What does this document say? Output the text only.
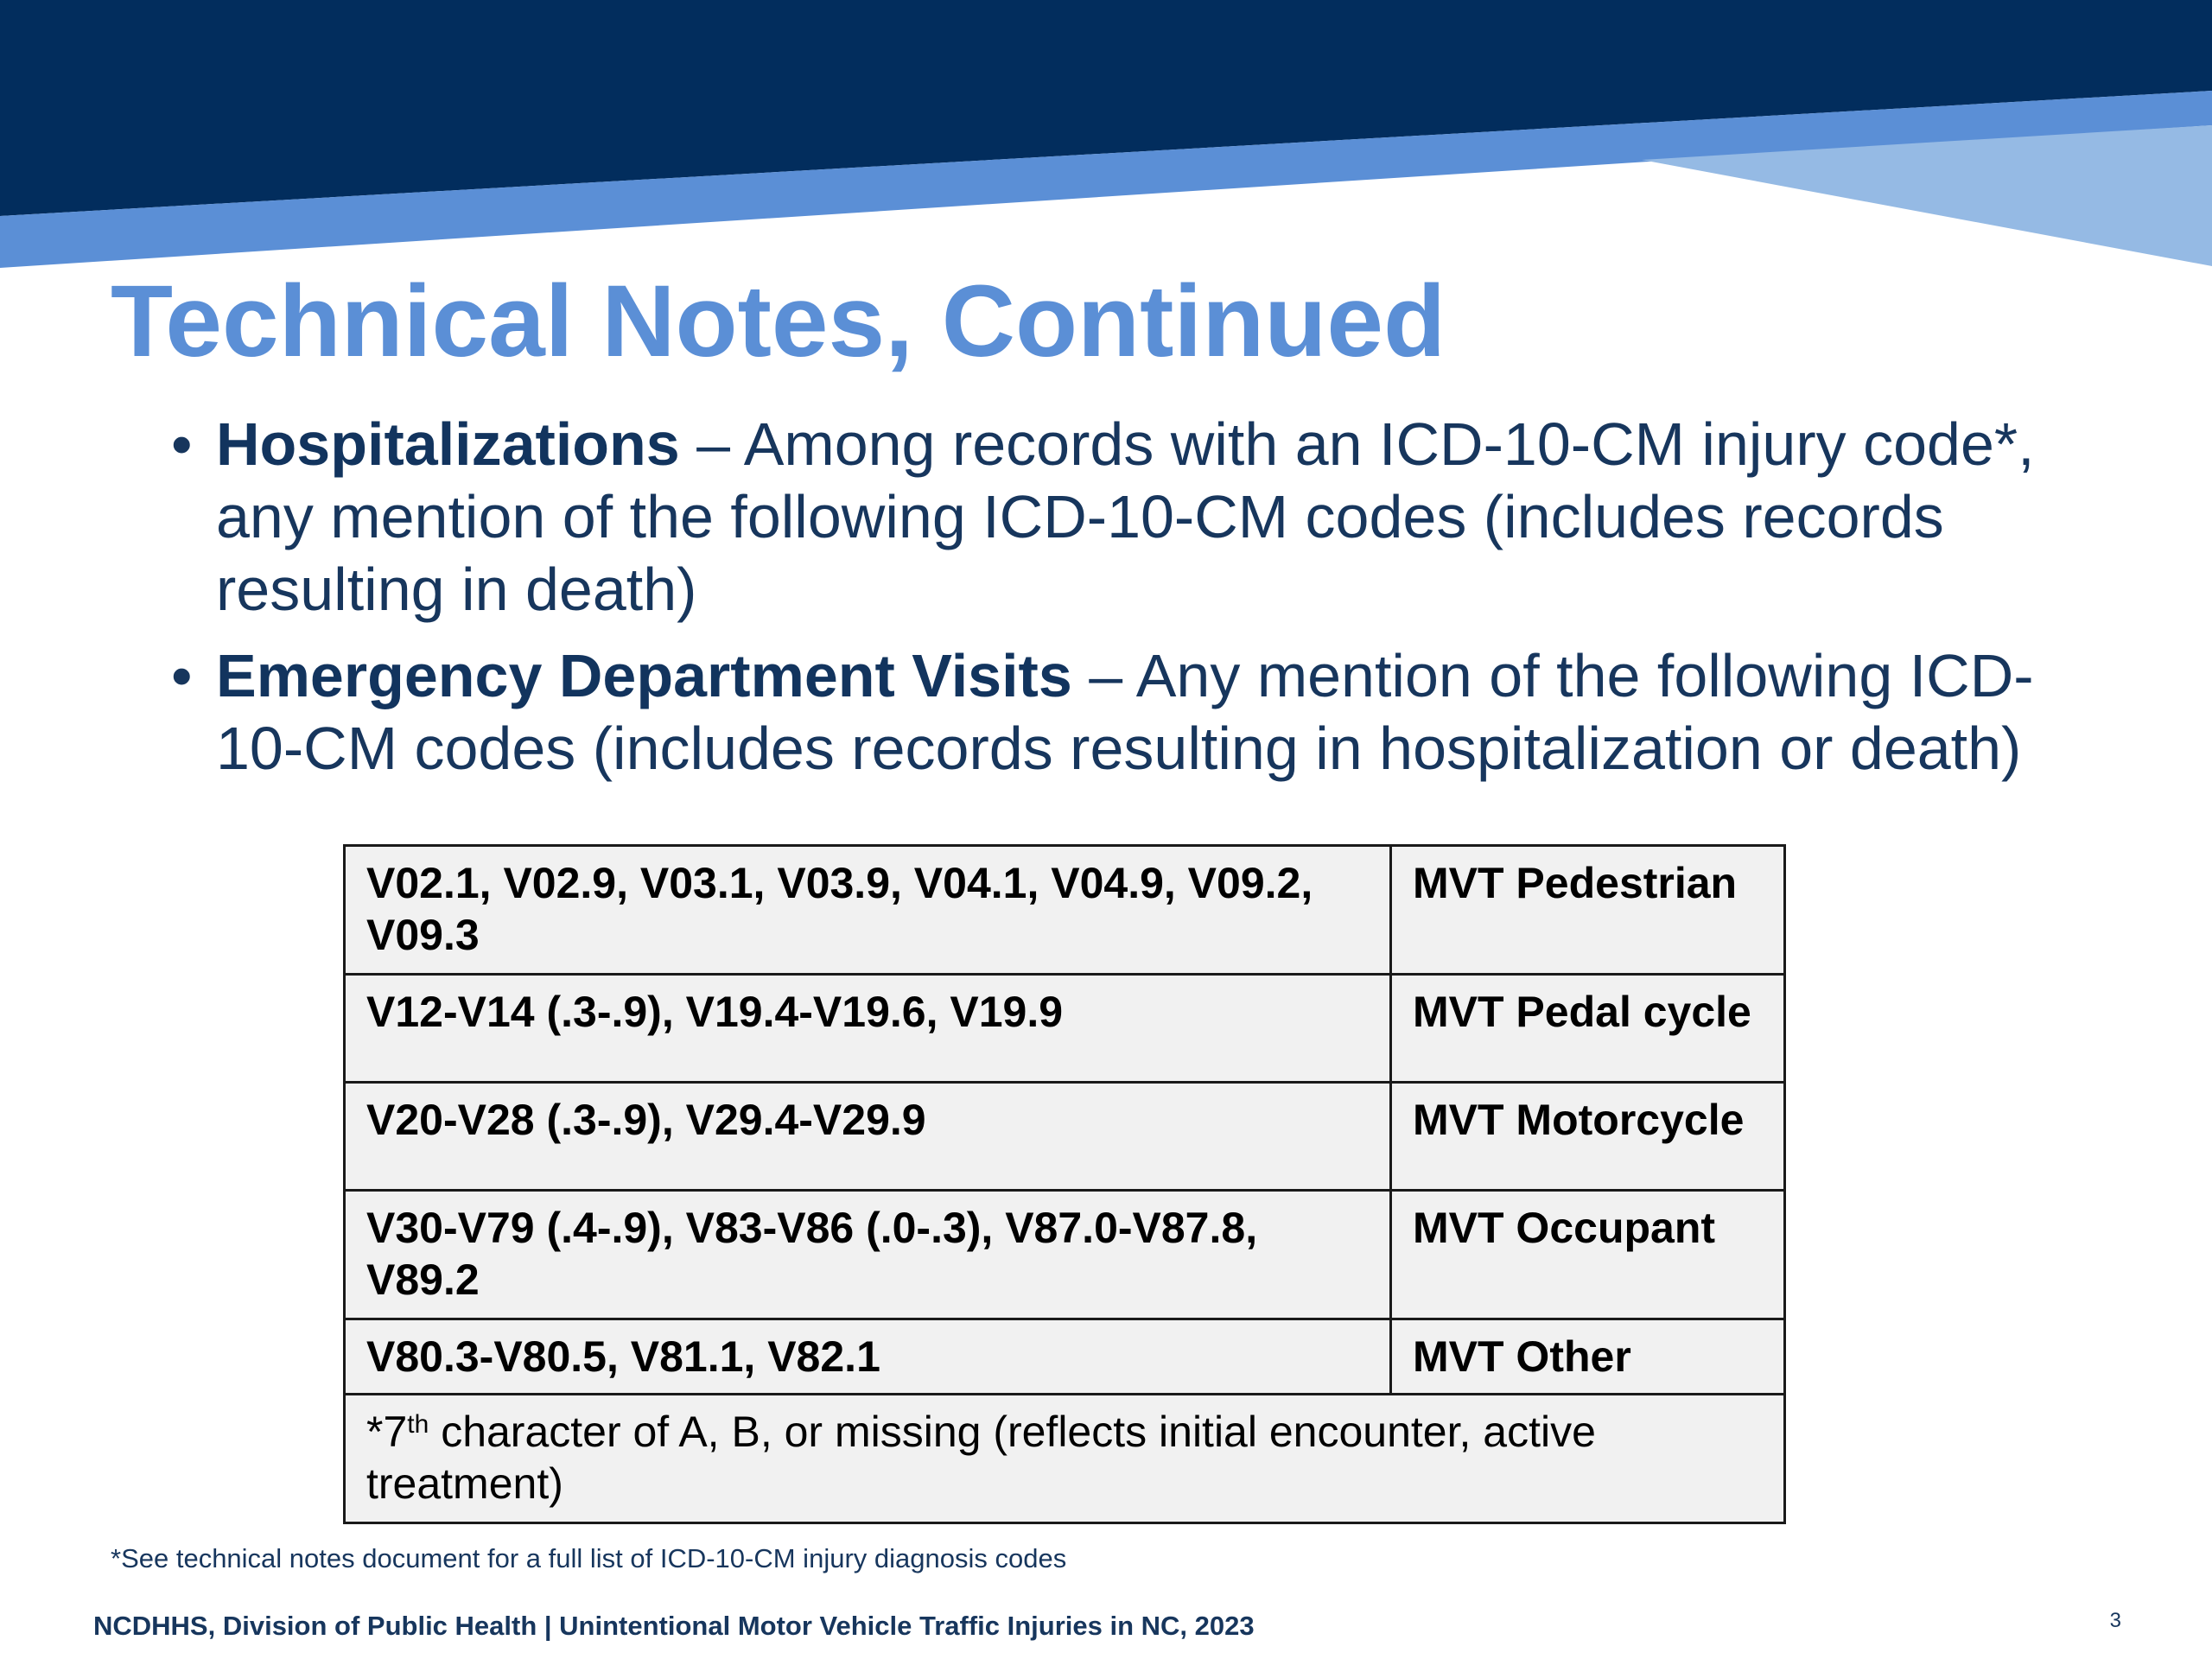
Technical Notes, Continued
• Hospitalizations – Among records with an ICD-10-CM injury code*, any mention of the following ICD-10-CM codes (includes records resulting in death)
• Emergency Department Visits – Any mention of the following ICD-10-CM codes (includes records resulting in hospitalization or death)
V02.1, V02.9, V03.1, V03.9, V04.1, V04.9, V09.2, V09.3	MVT Pedestrian
V12-V14 (.3-.9), V19.4-V19.6, V19.9	MVT Pedal cycle
V20-V28 (.3-.9), V29.4-V29.9	MVT Motorcycle
V30-V79 (.4-.9), V83-V86 (.0-.3), V87.0-V87.8, V89.2	MVT Occupant
V80.3-V80.5, V81.1, V82.1	MVT Other
*7th character of A, B, or missing (reflects initial encounter, active treatment)	
*See technical notes document for a full list of ICD-10-CM injury diagnosis codes
NCDHHS, Division of Public Health | Unintentional Motor Vehicle Traffic Injuries in NC, 2023	3
